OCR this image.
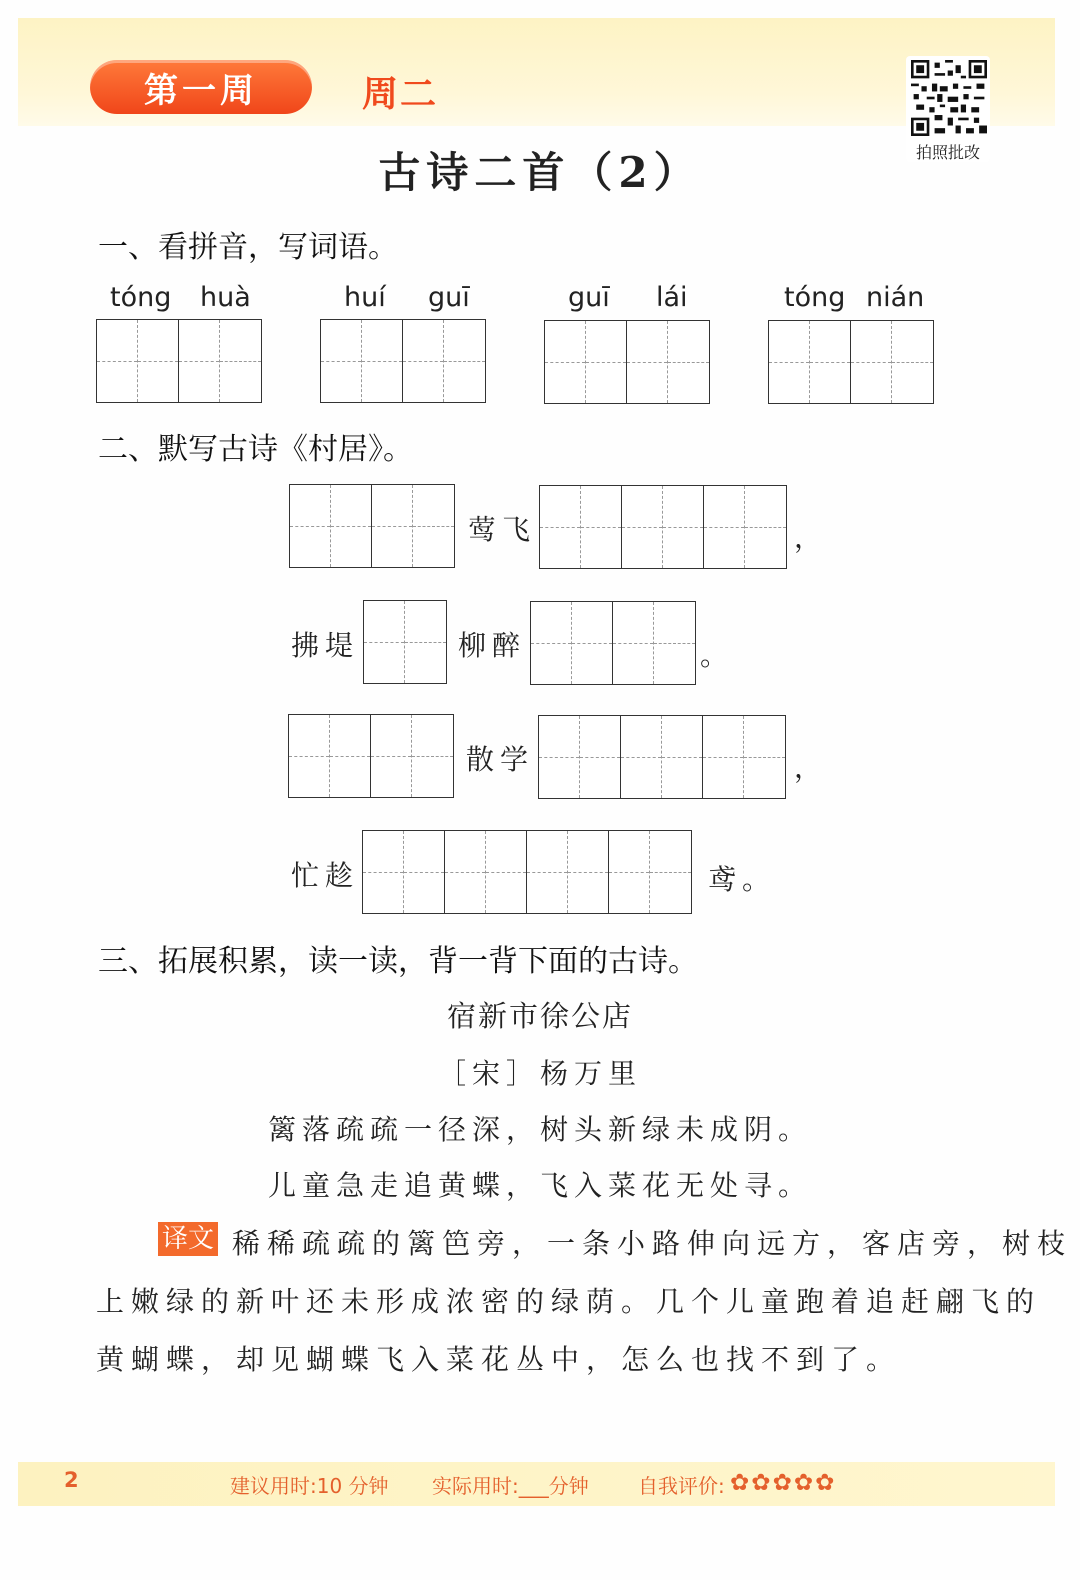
第一周	周二
拍照批改
古诗二首（2）
一、看拼音，写词语。
tóng huà	huí guī	guī lái	tóng nián
二、默写古诗《村居》。
莺飞	，
拂堤	柳醉	。
散学	，
忙趁	鸢。
三、拓展积累，读一读，背一背下面的古诗。
宿新市徐公店
［宋］杨万里
篱落疏疏一径深，树头新绿未成阴。
儿童急走追黄蝶，飞入菜花无处寻。
译文 稀稀疏疏的篱笆旁，一条小路伸向远方，客店旁，树枝
上嫩绿的新叶还未形成浓密的绿荫。几个儿童跑着追赶翩飞的
黄蝴蝶，却见蝴蝶飞入菜花丛中，怎么也找不到了。
2	建议用时:10 分钟 实际用时:___分钟 自我评价: ✿ ✿ ✿ ✿ ✿
